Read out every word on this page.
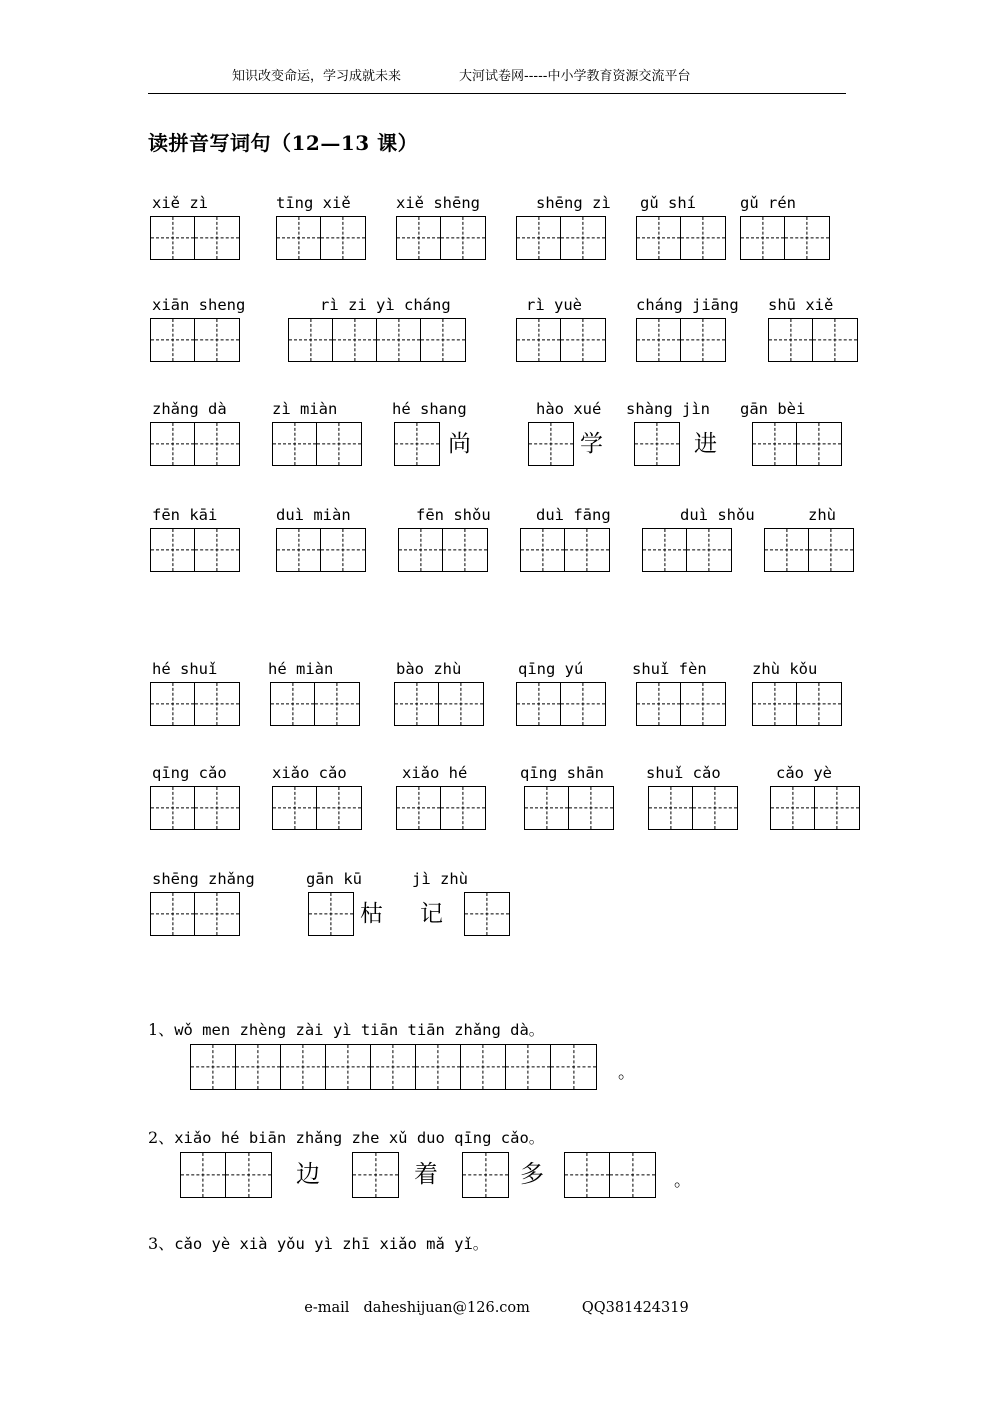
知识改变命运，学习成就未来	大河试卷网-----中小学教育资源交流平台
读拼音写词句（12—13 课）
xiě zì	tīng xiě	xiě shēng	shēng zì gǔ shí	gǔ rén
xiān sheng	rì zi yì cháng	rì yuè	cháng jiāng shū xiě
zhǎng dà	zì miàn	hé shang	hào xué shàng jìn gān bèi
尚	学	进
fēn kāi	duì miàn	fēn shǒu	duì fāng	duì shǒu	zhù
hé shuǐ	hé miàn	bào zhù	qīng yú	shuǐ fèn	zhù kǒu
qīng cǎo	xiǎo cǎo	xiǎo hé	qīng shān	shuǐ cǎo	cǎo yè
shēng zhǎng	gān kū	jì zhù
枯 记
1、wǒ men zhèng zài yì tiān tiān zhǎng dà。
。
2、xiǎo hé biān zhǎng zhe xǔ duo qīng cǎo。
边	着	多	。
3、cǎo yè xià yǒu yì zhī xiǎo mǎ yǐ。
e-mail daheshijuan@126.com	QQ381424319
